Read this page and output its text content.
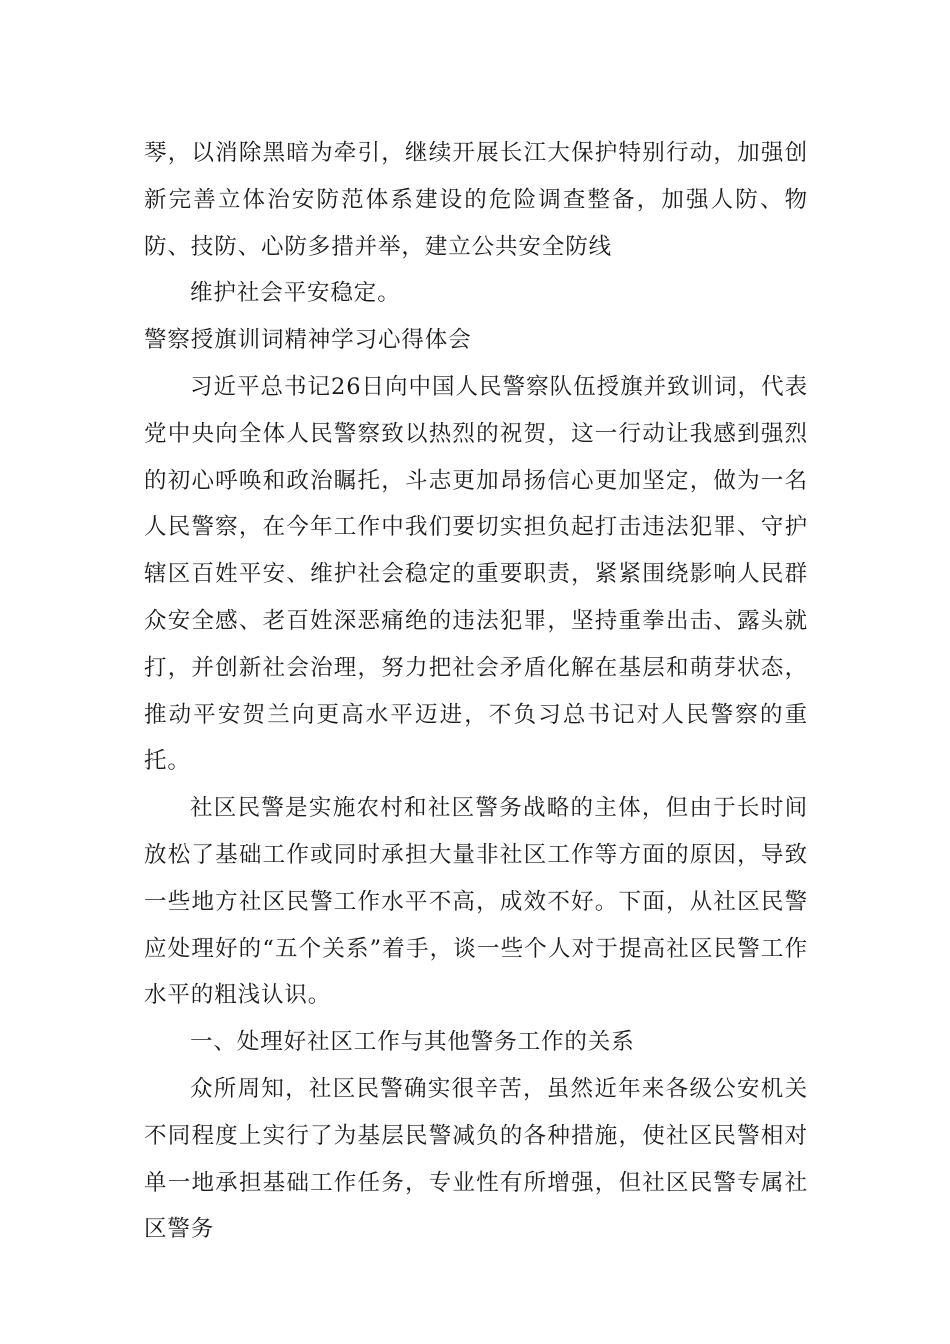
琴，以消除黑暗为牵引，继续开展长江大保护特别行动，加强创新完善立体治安防范体系建设的危险调查整备，加强人防、物防、技防、心防多措并举，建立公共安全防线

维护社会平安稳定。

警察授旗训词精神学习心得体会

习近平总书记26日向中国人民警察队伍授旗并致训词，代表党中央向全体人民警察致以热烈的祝贺，这一行动让我感到强烈的初心呼唤和政治瞩托，斗志更加昂扬信心更加坚定，做为一名人民警察，在今年工作中我们要切实担负起打击违法犯罪、守护辖区百姓平安、维护社会稳定的重要职责，紧紧围绕影响人民群众安全感、老百姓深恶痛绝的违法犯罪，坚持重拳出击、露头就打，并创新社会治理，努力把社会矛盾化解在基层和萌芽状态，推动平安贺兰向更高水平迈进，不负习总书记对人民警察的重托。

社区民警是实施农村和社区警务战略的主体，但由于长时间放松了基础工作或同时承担大量非社区工作等方面的原因，导致一些地方社区民警工作水平不高，成效不好。下面，从社区民警应处理好的“五个关系”着手，谈一些个人对于提高社区民警工作水平的粗浅认识。

一、处理好社区工作与其他警务工作的关系

众所周知，社区民警确实很辛苦，虽然近年来各级公安机关不同程度上实行了为基层民警减负的各种措施，使社区民警相对单一地承担基础工作任务，专业性有所增强，但社区民警专属社区警务
